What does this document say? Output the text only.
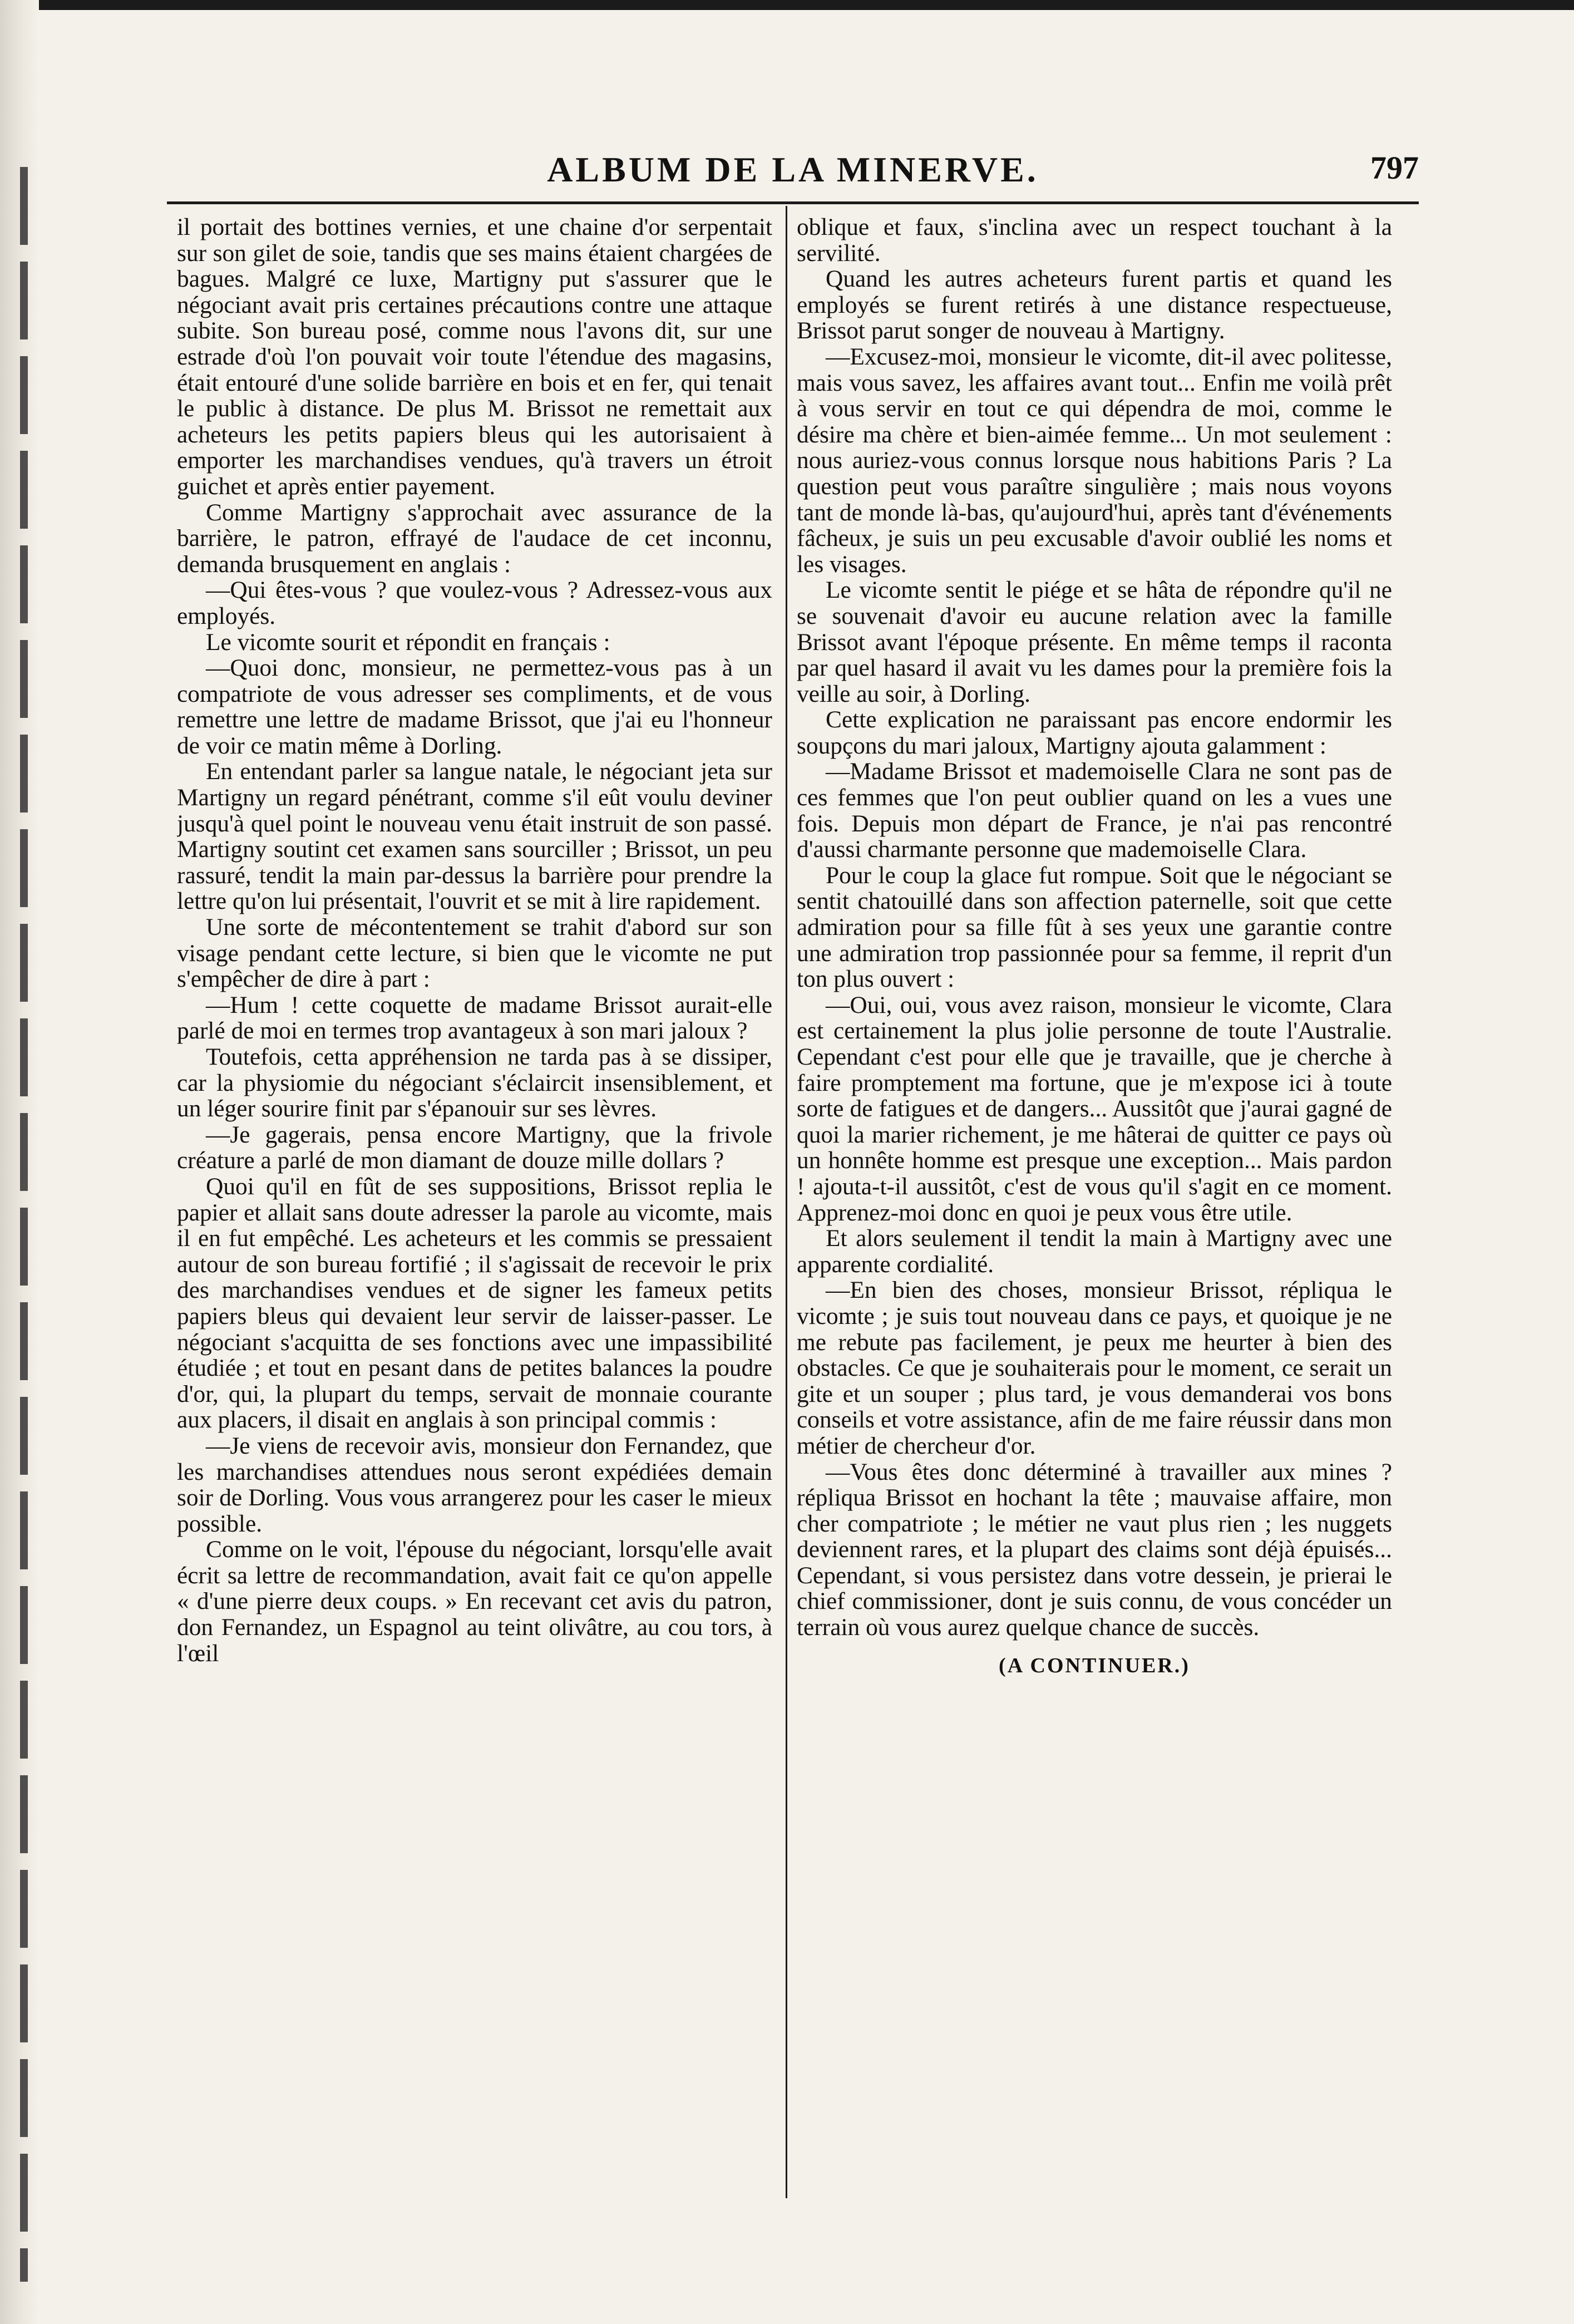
ALBUM DE LA MINERVE.	797

il portait des bottines vernies, et une chaine d'or serpentait sur son gilet de soie, tandis que ses mains étaient chargées de bagues. Malgré ce luxe, Martigny put s'assurer que le négociant avait pris certaines précautions contre une attaque subite. Son bureau posé, comme nous l'avons dit, sur une estrade d'où l'on pouvait voir toute l'étendue des magasins, était entouré d'une solide barrière en bois et en fer, qui tenait le public à distance. De plus M. Brissot ne remettait aux acheteurs les petits papiers bleus qui les autorisaient à emporter les marchandises vendues, qu'à travers un étroit guichet et après entier payement.

Comme Martigny s'approchait avec assurance de la barrière, le patron, effrayé de l'audace de cet inconnu, demanda brusquement en anglais :

—Qui êtes-vous ? que voulez-vous ? Adressez-vous aux employés.

Le vicomte sourit et répondit en français :

—Quoi donc, monsieur, ne permettez-vous pas à un compatriote de vous adresser ses compliments, et de vous remettre une lettre de madame Brissot, que j'ai eu l'honneur de voir ce matin même à Dorling.

En entendant parler sa langue natale, le négociant jeta sur Martigny un regard pénétrant, comme s'il eût voulu deviner jusqu'à quel point le nouveau venu était instruit de son passé. Martigny soutint cet examen sans sourciller ; Brissot, un peu rassuré, tendit la main par-dessus la barrière pour prendre la lettre qu'on lui présentait, l'ouvrit et se mit à lire rapidement.

Une sorte de mécontentement se trahit d'abord sur son visage pendant cette lecture, si bien que le vicomte ne put s'empêcher de dire à part :

—Hum ! cette coquette de madame Brissot aurait-elle parlé de moi en termes trop avantageux à son mari jaloux ?

Toutefois, cetta appréhension ne tarda pas à se dissiper, car la physiomie du négociant s'éclaircit insensiblement, et un léger sourire finit par s'épanouir sur ses lèvres.

—Je gagerais, pensa encore Martigny, que la frivole créature a parlé de mon diamant de douze mille dollars ?

Quoi qu'il en fût de ses suppositions, Brissot replia le papier et allait sans doute adresser la parole au vicomte, mais il en fut empêché. Les acheteurs et les commis se pressaient autour de son bureau fortifié ; il s'agissait de recevoir le prix des marchandises vendues et de signer les fameux petits papiers bleus qui devaient leur servir de laisser-passer. Le négociant s'acquitta de ses fonctions avec une impassibilité étudiée ; et tout en pesant dans de petites balances la poudre d'or, qui, la plupart du temps, servait de monnaie courante aux placers, il disait en anglais à son principal commis :

—Je viens de recevoir avis, monsieur don Fernandez, que les marchandises attendues nous seront expédiées demain soir de Dorling. Vous vous arrangerez pour les caser le mieux possible.

Comme on le voit, l'épouse du négociant, lorsqu'elle avait écrit sa lettre de recommandation, avait fait ce qu'on appelle « d'une pierre deux coups. » En recevant cet avis du patron, don Fernandez, un Espagnol au teint olivâtre, au cou tors, à l'œil

oblique et faux, s'inclina avec un respect touchant à la servilité.

Quand les autres acheteurs furent partis et quand les employés se furent retirés à une distance respectueuse, Brissot parut songer de nouveau à Martigny.

—Excusez-moi, monsieur le vicomte, dit-il avec politesse, mais vous savez, les affaires avant tout... Enfin me voilà prêt à vous servir en tout ce qui dépendra de moi, comme le désire ma chère et bien-aimée femme... Un mot seulement : nous auriez-vous connus lorsque nous habitions Paris ? La question peut vous paraître singulière ; mais nous voyons tant de monde là-bas, qu'aujourd'hui, après tant d'événements fâcheux, je suis un peu excusable d'avoir oublié les noms et les visages.

Le vicomte sentit le piége et se hâta de répondre qu'il ne se souvenait d'avoir eu aucune relation avec la famille Brissot avant l'époque présente. En même temps il raconta par quel hasard il avait vu les dames pour la première fois la veille au soir, à Dorling.

Cette explication ne paraissant pas encore endormir les soupçons du mari jaloux, Martigny ajouta galamment :

—Madame Brissot et mademoiselle Clara ne sont pas de ces femmes que l'on peut oublier quand on les a vues une fois. Depuis mon départ de France, je n'ai pas rencontré d'aussi charmante personne que mademoiselle Clara.

Pour le coup la glace fut rompue. Soit que le négociant se sentit chatouillé dans son affection paternelle, soit que cette admiration pour sa fille fût à ses yeux une garantie contre une admiration trop passionnée pour sa femme, il reprit d'un ton plus ouvert :

—Oui, oui, vous avez raison, monsieur le vicomte, Clara est certainement la plus jolie personne de toute l'Australie. Cependant c'est pour elle que je travaille, que je cherche à faire promptement ma fortune, que je m'expose ici à toute sorte de fatigues et de dangers... Aussitôt que j'aurai gagné de quoi la marier richement, je me hâterai de quitter ce pays où un honnête homme est presque une exception... Mais pardon ! ajouta-t-il aussitôt, c'est de vous qu'il s'agit en ce moment. Apprenez-moi donc en quoi je peux vous être utile.

Et alors seulement il tendit la main à Martigny avec une apparente cordialité.

—En bien des choses, monsieur Brissot, répliqua le vicomte ; je suis tout nouveau dans ce pays, et quoique je ne me rebute pas facilement, je peux me heurter à bien des obstacles. Ce que je souhaiterais pour le moment, ce serait un gite et un souper ; plus tard, je vous demanderai vos bons conseils et votre assistance, afin de me faire réussir dans mon métier de chercheur d'or.

—Vous êtes donc déterminé à travailler aux mines ? répliqua Brissot en hochant la tête ; mauvaise affaire, mon cher compatriote ; le métier ne vaut plus rien ; les nuggets deviennent rares, et la plupart des claims sont déjà épuisés... Cependant, si vous persistez dans votre dessein, je prierai le chief commissioner, dont je suis connu, de vous concéder un terrain où vous aurez quelque chance de succès.

(A CONTINUER.)
